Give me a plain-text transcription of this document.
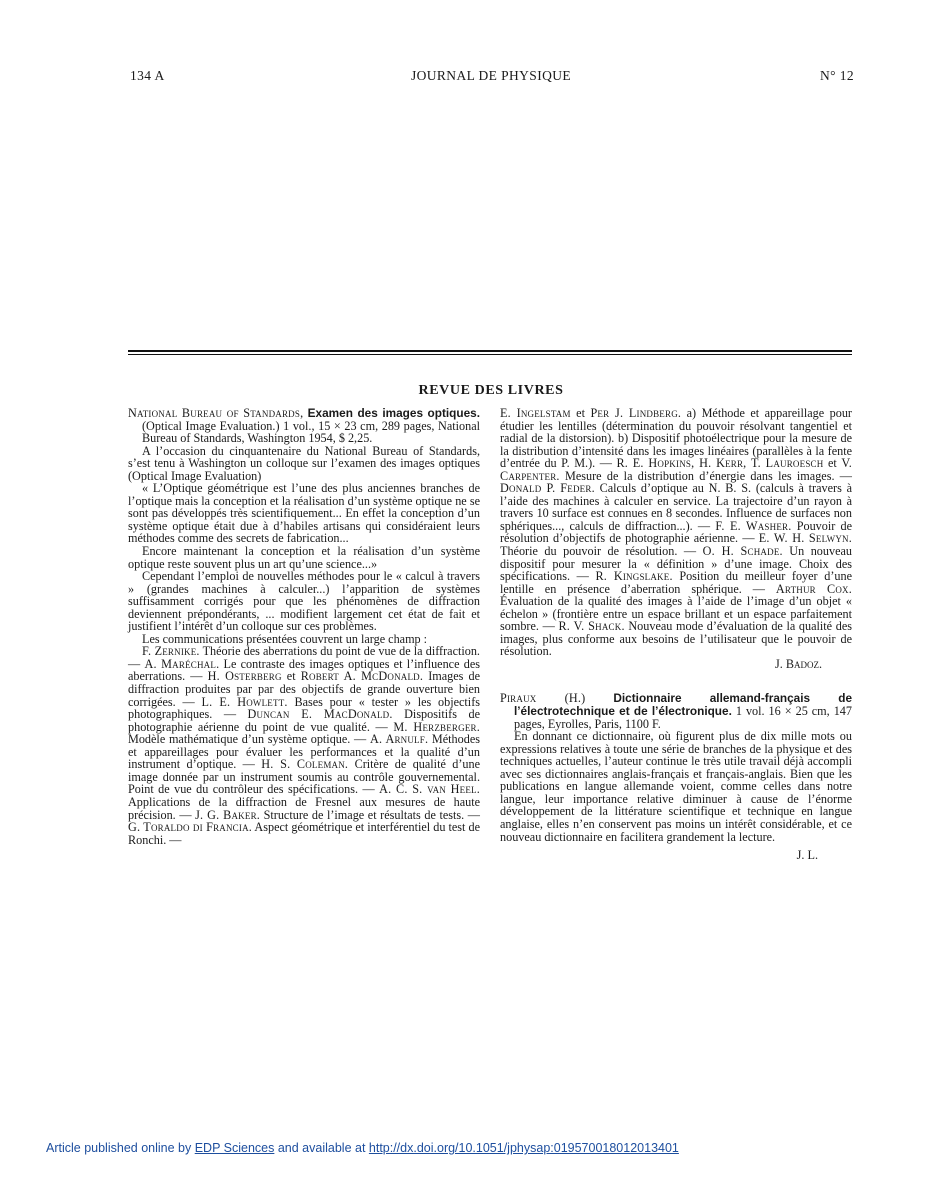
134 A	JOURNAL DE PHYSIQUE	N° 12
REVUE DES LIVRES

National Bureau of Standards, Examen des images optiques. (Optical Image Evaluation.) 1 vol., 15 × 23 cm, 289 pages, National Bureau of Standards, Washington 1954, $ 2,25.

A l’occasion du cinquantenaire du National Bureau of Standards, s’est tenu à Washington un colloque sur l’examen des images optiques (Optical Image Evaluation)

« L’Optique géométrique est l’une des plus anciennes branches de l’optique mais la conception et la réalisation d’un système optique ne se sont pas développés très scientifiquement... En effet la conception d’un système optique était due à d’habiles artisans qui considéraient leurs méthodes comme des secrets de fabrication...

Encore maintenant la conception et la réalisation d’un système optique reste souvent plus un art qu’une science...»

Cependant l’emploi de nouvelles méthodes pour le « calcul à travers » (grandes machines à calculer...) l’apparition de systèmes suffisamment corrigés pour que les phénomènes de diffraction deviennent prépondérants, ... modifient largement cet état de fait et justifient l’intérêt d’un colloque sur ces problèmes.

Les communications présentées couvrent un large champ :

F. Zernike. Théorie des aberrations du point de vue de la diffraction. — A. Maréchal. Le contraste des images optiques et l’influence des aberrations. — H. Osterberg et Robert A. McDonald. Images de diffraction produites par par des objectifs de grande ouverture bien corrigées. — L. E. Howlett. Bases pour « tester » les objectifs photographiques. — Duncan E. MacDonald. Dispositifs de photographie aérienne du point de vue qualité. — M. Herzberger. Modèle mathématique d’un système optique. — A. Arnulf. Méthodes et appareillages pour évaluer les performances et la qualité d’un instrument d’optique. — H. S. Coleman. Critère de qualité d’une image donnée par un instrument soumis au contrôle gouvernemental. Point de vue du contrôleur des spécifications. — A. C. S. van Heel. Applications de la diffraction de Fresnel aux mesures de haute précision. — J. G. Baker. Structure de l’image et résultats de tests. — G. Toraldo di Francia. Aspect géométrique et interférentiel du test de Ronchi. —

E. Ingelstam et Per J. Lindberg. a) Méthode et appareillage pour étudier les lentilles (détermination du pouvoir résolvant tangentiel et radial de la distorsion). b) Dispositif photoélectrique pour la mesure de la distribution d’intensité dans les images linéaires (parallèles à la fente d’entrée du P. M.). — R. E. Hopkins, H. Kerr, T. Lauroesch et V. Carpenter. Mesure de la distribution d’énergie dans les images. — Donald P. Feder. Calculs d’optique au N. B. S. (calculs à travers à l’aide des machines à calculer en service. La trajectoire d’un rayon à travers 10 surface est connues en 8 secondes. Influence de surfaces non sphériques..., calculs de diffraction...). — F. E. Washer. Pouvoir de résolution d’objectifs de photographie aérienne. — E. W. H. Selwyn. Théorie du pouvoir de résolution. — O. H. Schade. Un nouveau dispositif pour mesurer la « définition » d’une image. Choix des spécifications. — R. Kingslake. Position du meilleur foyer d’une lentille en présence d’aberration sphérique. — Arthur Cox. Évaluation de la qualité des images à l’aide de l’image d’un objet « échelon » (frontière entre un espace brillant et un espace parfaitement sombre. — R. V. Shack. Nouveau mode d’évaluation de la qualité des images, plus conforme aux besoins de l’utilisateur que le pouvoir de résolution.

J. Badoz.

Piraux (H.) Dictionnaire allemand-français de l’électrotechnique et de l’électronique. 1 vol. 16 × 25 cm, 147 pages, Eyrolles, Paris, 1100 F.

En donnant ce dictionnaire, où figurent plus de dix mille mots ou expressions relatives à toute une série de branches de la physique et des techniques actuelles, l’auteur continue le très utile travail déjà accompli avec ses dictionnaires anglais-français et français-anglais. Bien que les publications en langue allemande voient, comme celles dans notre langue, leur importance relative diminuer à cause de l’énorme développement de la littérature scientifique et technique en langue anglaise, elles n’en conservent pas moins un intérêt considérable, et ce nouveau dictionnaire en facilitera grandement la lecture.

J. L.
Article published online by EDP Sciences and available at http://dx.doi.org/10.1051/jphysap:019570018012013401
